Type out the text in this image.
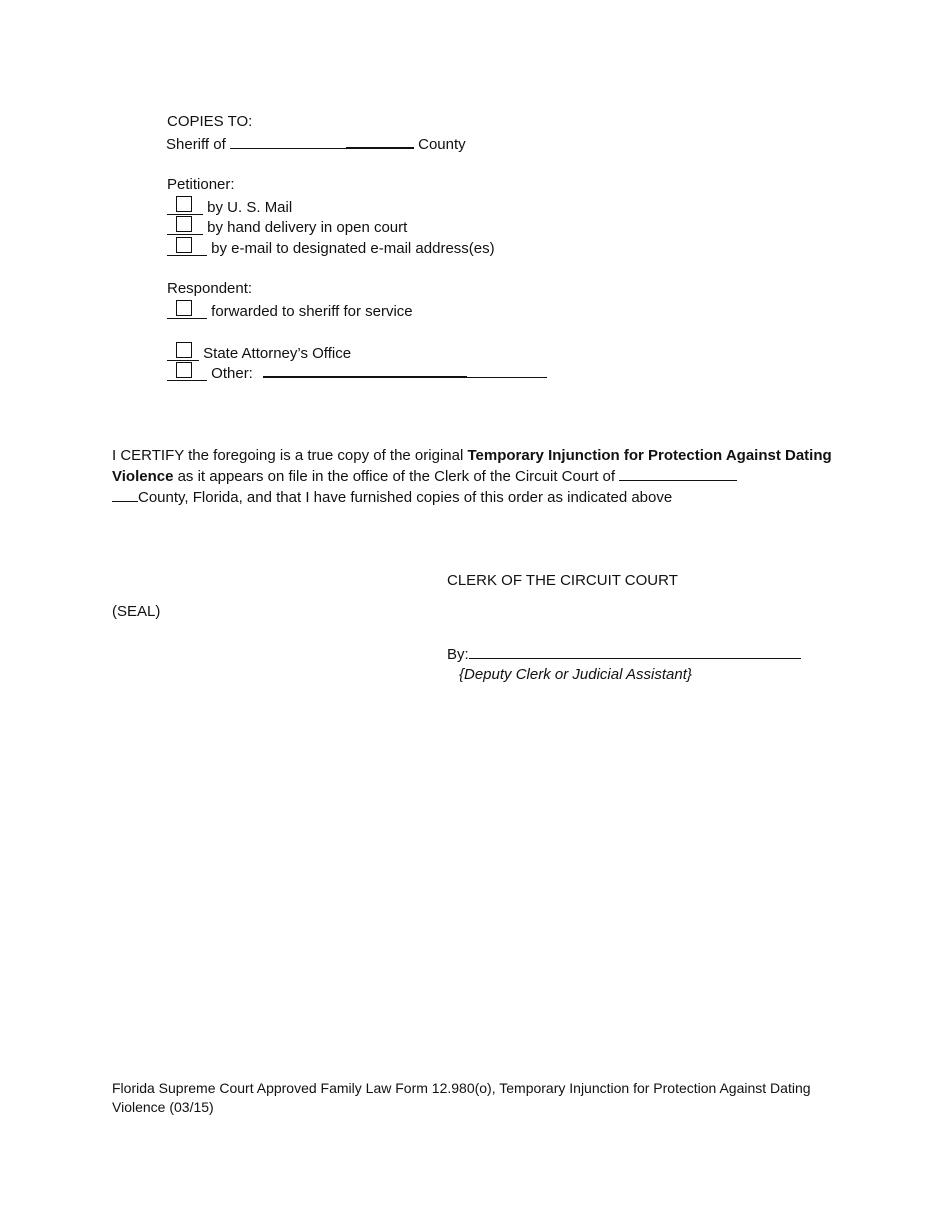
COPIES TO:
Sheriff of	County
Petitioner:
by U. S. Mail
by hand delivery in open court
by e-mail to designated e-mail address(es)
Respondent:
forwarded to sheriff for service
State Attorney’s Office
Other:
I CERTIFY the foregoing is a true copy of the original Temporary Injunction for Protection Against Dating Violence as it appears on file in the office of the Clerk of the Circuit Court of
County, Florida, and that I have furnished copies of this order as indicated above
CLERK OF THE CIRCUIT COURT
(SEAL)
By:
{Deputy Clerk or Judicial Assistant}
Florida Supreme Court Approved Family Law Form 12.980(o), Temporary Injunction for Protection Against Dating Violence (03/15)
